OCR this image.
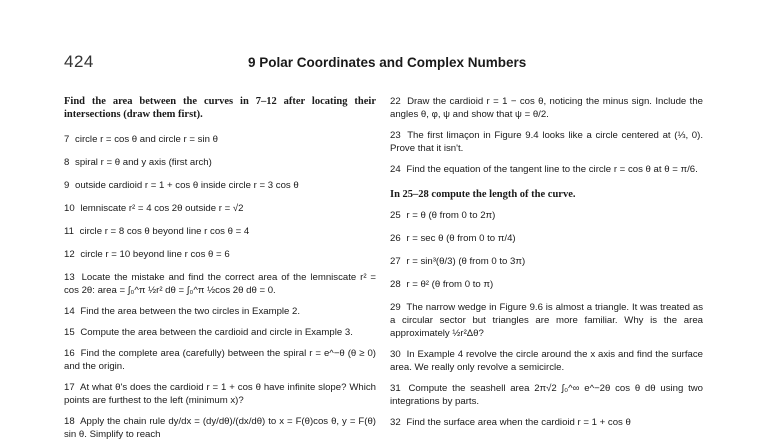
424	9 Polar Coordinates and Complex Numbers
Find the area between the curves in 7–12 after locating their intersections (draw them first).

7 circle r = cos θ and circle r = sin θ

8 spiral r = θ and y axis (first arch)

9 outside cardioid r = 1 + cos θ inside circle r = 3 cos θ

10 lemniscate r² = 4 cos 2θ outside r = √2

11 circle r = 8 cos θ beyond line r cos θ = 4

12 circle r = 10 beyond line r cos θ = 6

13 Locate the mistake and find the correct area of the lemniscate r² = cos 2θ: area = ∫₀^π ½r² dθ = ∫₀^π ½cos 2θ dθ = 0.

14 Find the area between the two circles in Example 2.

15 Compute the area between the cardioid and circle in Example 3.

16 Find the complete area (carefully) between the spiral r = e^−θ (θ ≥ 0) and the origin.

17 At what θ's does the cardioid r = 1 + cos θ have infinite slope? Which points are furthest to the left (minimum x)?

18 Apply the chain rule dy/dx = (dy/dθ)/(dx/dθ) to x = F(θ)cos θ, y = F(θ) sin θ. Simplify to reach

22 Draw the cardioid r = 1 − cos θ, noticing the minus sign. Include the angles θ, φ, ψ and show that ψ = θ/2.

23 The first limaçon in Figure 9.4 looks like a circle centered at (⅓, 0). Prove that it isn't.

24 Find the equation of the tangent line to the circle r = cos θ at θ = π/6.

In 25–28 compute the length of the curve.

25 r = θ (θ from 0 to 2π)

26 r = sec θ (θ from 0 to π/4)

27 r = sin³(θ/3) (θ from 0 to 3π)

28 r = θ² (θ from 0 to π)

29 The narrow wedge in Figure 9.6 is almost a triangle. It was treated as a circular sector but triangles are more familiar. Why is the area approximately ½r²Δθ?

30 In Example 4 revolve the circle around the x axis and find the surface area. We really only revolve a semicircle.

31 Compute the seashell area 2π√2 ∫₀^∞ e^−2θ cos θ dθ using two integrations by parts.

32 Find the surface area when the cardioid r = 1 + cos θ
